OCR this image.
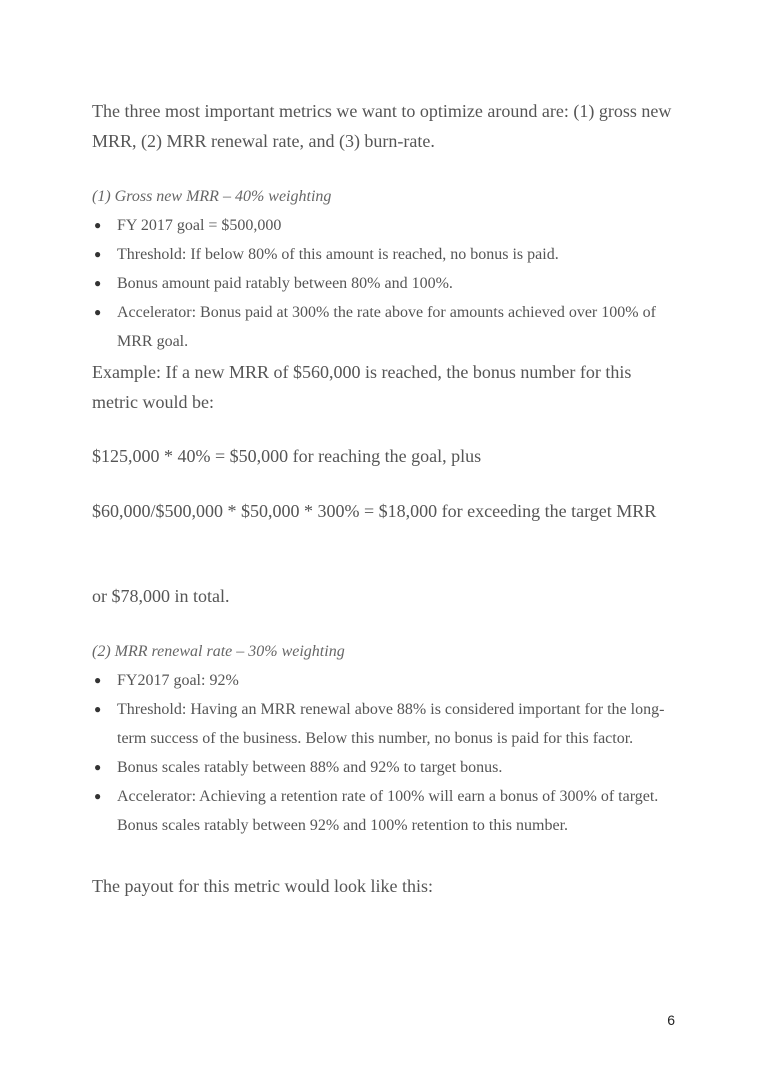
The three most important metrics we want to optimize around are: (1) gross new MRR, (2) MRR renewal rate, and (3) burn-rate.

(1) Gross new MRR – 40% weighting

● FY 2017 goal = $500,000
● Threshold: If below 80% of this amount is reached, no bonus is paid.
● Bonus amount paid ratably between 80% and 100%.
● Accelerator: Bonus paid at 300% the rate above for amounts achieved over 100% of MRR goal.

Example: If a new MRR of $560,000 is reached, the bonus number for this metric would be:

$125,000 * 40% = $50,000 for reaching the goal, plus

$60,000/$500,000 * $50,000 * 300% = $18,000 for exceeding the target MRR

or $78,000 in total.

(2) MRR renewal rate – 30% weighting

● FY2017 goal: 92%
● Threshold: Having an MRR renewal above 88% is considered important for the long-term success of the business. Below this number, no bonus is paid for this factor.
● Bonus scales ratably between 88% and 92% to target bonus.
● Accelerator: Achieving a retention rate of 100% will earn a bonus of 300% of target. Bonus scales ratably between 92% and 100% retention to this number.

The payout for this metric would look like this:

6
